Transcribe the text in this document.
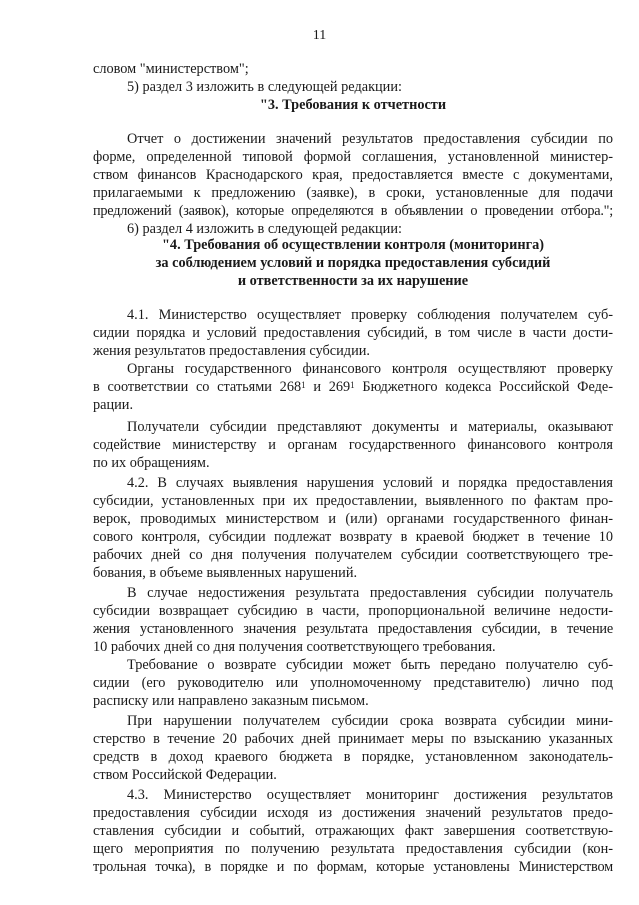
11
словом "министерством";
5) раздел 3 изложить в следующей редакции:
"3. Требования к отчетности
Отчет о достижении значений результатов предоставления субсидии по
форме, определенной типовой формой соглашения, установленной министер-
ством финансов Краснодарского края, предоставляется вместе с документами,
прилагаемыми к предложению (заявке), в сроки, установленные для подачи
предложений (заявок), которые определяются в объявлении о проведении отбора.";
6) раздел 4 изложить в следующей редакции:
"4. Требования об осуществлении контроля (мониторинга)
за соблюдением условий и порядка предоставления субсидий
и ответственности за их нарушение
4.1. Министерство осуществляет проверку соблюдения получателем суб-
сидии порядка и условий предоставления субсидий, в том числе в части дости-
жения результатов предоставления субсидии.
Органы государственного финансового контроля осуществляют проверку
в соответствии со статьями $268^1$ и $269^1$ Бюджетного кодекса Российской Феде-
рации.
Получатели субсидии представляют документы и материалы, оказывают
содействие министерству и органам государственного финансового контроля
по их обращениям.
4.2. В случаях выявления нарушения условий и порядка предоставления
субсидии, установленных при их предоставлении, выявленного по фактам про-
верок, проводимых министерством и (или) органами государственного финан-
сового контроля, субсидии подлежат возврату в краевой бюджет в течение 10
рабочих дней со дня получения получателем субсидии соответствующего тре-
бования, в объеме выявленных нарушений.
В случае недостижения результата предоставления субсидии получатель
субсидии возвращает субсидию в части, пропорциональной величине недости-
жения установленного значения результата предоставления субсидии, в течение
10 рабочих дней со дня получения соответствующего требования.
Требование о возврате субсидии может быть передано получателю суб-
сидии (его руководителю или уполномоченному представителю) лично под
расписку или направлено заказным письмом.
При нарушении получателем субсидии срока возврата субсидии мини-
стерство в течение 20 рабочих дней принимает меры по взысканию указанных
средств в доход краевого бюджета в порядке, установленном законодатель-
ством Российской Федерации.
4.3. Министерство осуществляет мониторинг достижения результатов
предоставления субсидии исходя из достижения значений результатов предо-
ставления субсидии и событий, отражающих факт завершения соответствую-
щего мероприятия по получению результата предоставления субсидии (кон-
трольная точка), в порядке и по формам, которые установлены Министерством
